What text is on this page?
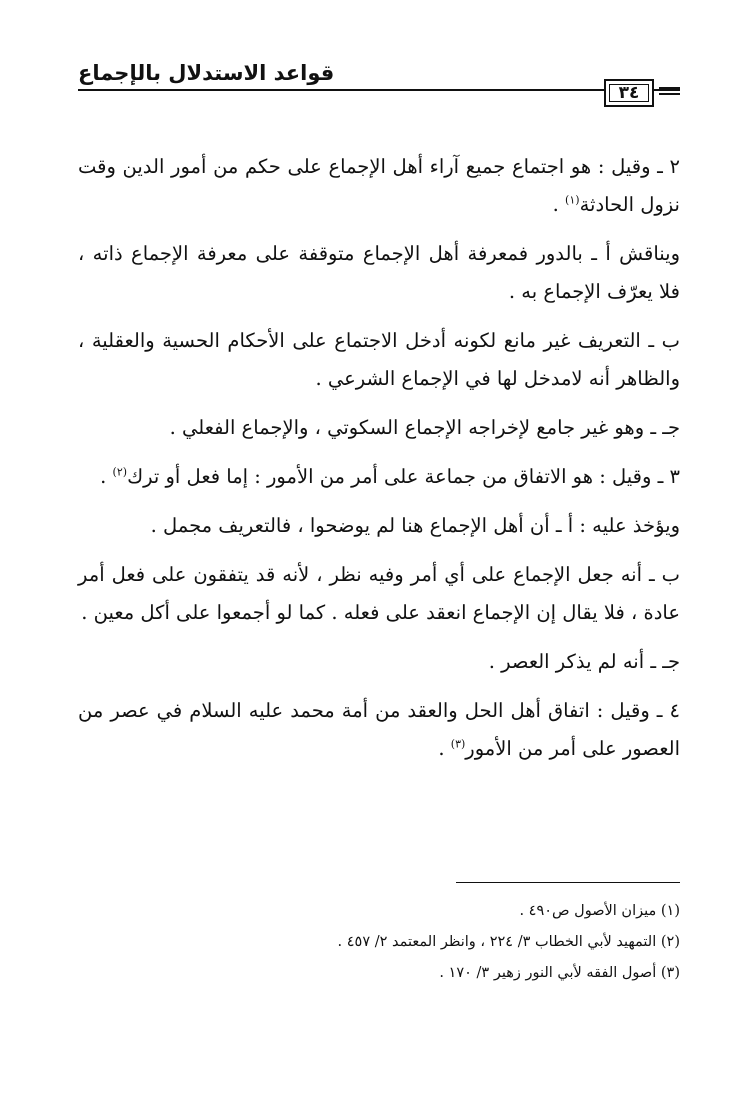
قواعد الاستدلال بالإجماع
٣٤

٢ ـ وقيل : هو اجتماع جميع آراء أهل الإجماع على حكم من أمور الدين وقت نزول الحادثة$^{(١)}$ .

ويناقش أ ـ بالدور فمعرفة أهل الإجماع متوقفة على معرفة الإجماع ذاته ، فلا يعرّف الإجماع به .

ب ـ التعريف غير مانع لكونه أدخل الاجتماع على الأحكام الحسية والعقلية ، والظاهر أنه لامدخل لها في الإجماع الشرعي .

جـ ـ وهو غير جامع لإخراجه الإجماع السكوتي ، والإجماع الفعلي .

٣ ـ وقيل : هو الاتفاق من جماعة على أمر من الأمور : إما فعل أو ترك$^{(٢)}$ .

ويؤخذ عليه : أ ـ أن أهل الإجماع هنا لم يوضحوا ، فالتعريف مجمل .

ب ـ أنه جعل الإجماع على أي أمر وفيه نظر ، لأنه قد يتفقون على فعل أمر عادة ، فلا يقال إن الإجماع انعقد على فعله . كما لو أجمعوا على أكل معين .

جـ ـ أنه لم يذكر العصر .

٤ ـ وقيل : اتفاق أهل الحل والعقد من أمة محمد عليه السلام في عصر من العصور على أمر من الأمور$^{(٣)}$ .

(١) ميزان الأصول ص٤٩٠ .
(٢) التمهيد لأبي الخطاب ٣/ ٢٢٤ ، وانظر المعتمد ٢/ ٤٥٧ .
(٣) أصول الفقه لأبي النور زهير ٣/ ١٧٠ .
